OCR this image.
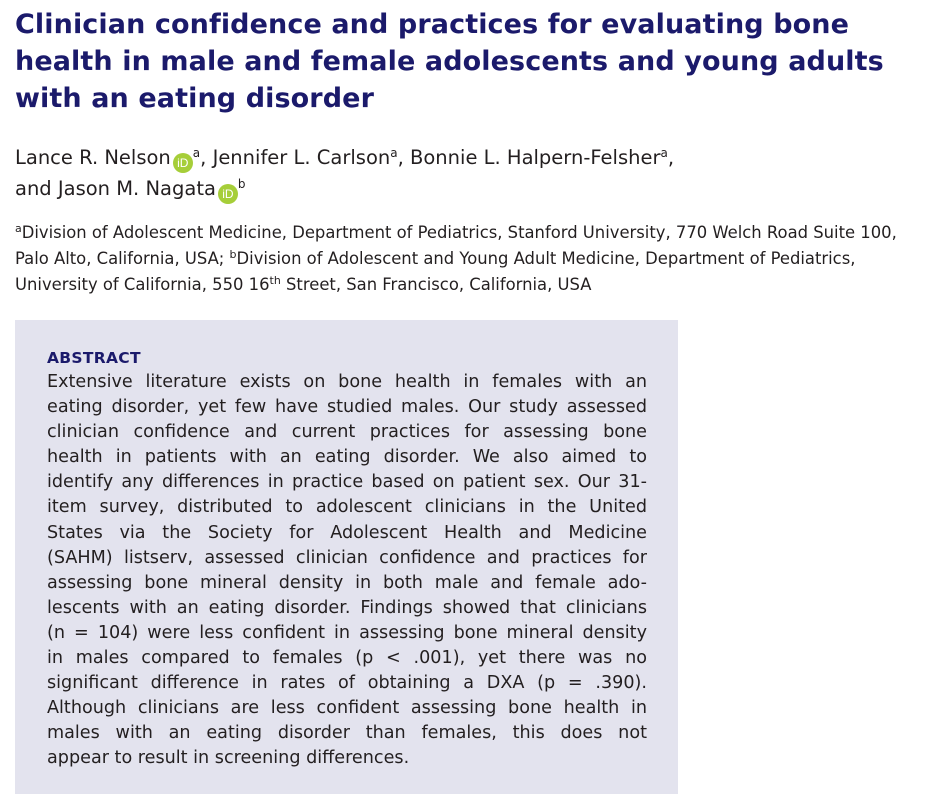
Clinician confidence and practices for evaluating bone health in male and female adolescents and young adults with an eating disorder
Lance R. Nelson $iD^a$, Jennifer L. Carlson$^a$, Bonnie L. Halpern-Felsher$^a$,
and Jason M. Nagata $iD^b$
$^a$Division of Adolescent Medicine, Department of Pediatrics, Stanford University, 770 Welch Road Suite 100, Palo Alto, California, USA; $^b$Division of Adolescent and Young Adult Medicine, Department of Pediatrics, University of California, 550 16th Street, San Francisco, California, USA
ABSTRACT
Extensive literature exists on bone health in females with an
eating disorder, yet few have studied males. Our study assessed
clinician confidence and current practices for assessing bone
health in patients with an eating disorder. We also aimed to
identify any differences in practice based on patient sex. Our 31-
item survey, distributed to adolescent clinicians in the United
States via the Society for Adolescent Health and Medicine
(SAHM) listserv, assessed clinician confidence and practices for
assessing bone mineral density in both male and female ado-
lescents with an eating disorder. Findings showed that clinicians
(n = 104) were less confident in assessing bone mineral density
in males compared to females (p < .001), yet there was no
significant difference in rates of obtaining a DXA (p = .390).
Although clinicians are less confident assessing bone health in
males with an eating disorder than females, this does not
appear to result in screening differences.
